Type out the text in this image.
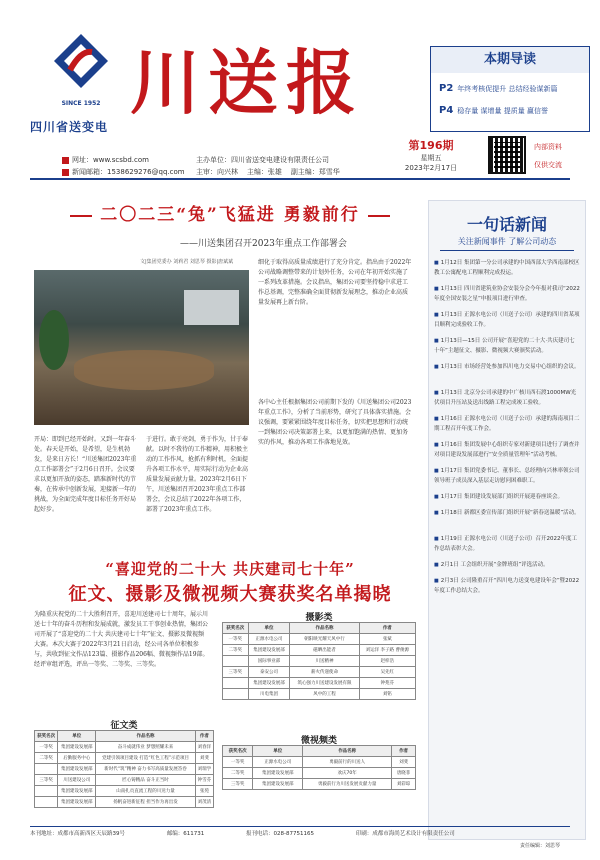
SINCE 1952
四川省送变电
川送报	本期导读
P2 年终考核促提升 总结经验谋新篇
P4 稳存量 谋增量 提质量 赢信誉
网址：www.scsbd.com
新闻邮箱：1538629276@qq.com
主办单位：四川省送变电建设有限责任公司
主审：向兴林 主编：张雄 副主编：郑雪华
第196期
星期五
2023年2月17日
内部资料
仅供交流
二〇二三“兔”飞猛进 勇毅前行
——川送集团召开2023年重点工作部署会
文|集团党委办 刘莉君 刘思琴 摄影|唐斌斌
开局：即到已经开始时。又到一年奋斗处。春天是开始，是希望，是生机勃发，是来日方长！“川送集团2023年重点工作部署会”于2月6日召开。会议要求以更加开放的姿态，踏准新时代的节奏，在传承中创新发展，迎接新一年的挑战，为全面完成年度目标任务开好局起好步。
于进行。敢于亮剑，勇于作为，甘于奉献。以时不我待的工作精神，用积极主动的工作作风，抢抓有利时机，全面提升各项工作水平，用实际行动为企业高质量发展贡献力量。2023年2月6日下午，川送集团召开2023年重点工作部署会，会议总结了2022年各项工作，部署了2023年重点工作。
细化于取得高质量成绩进行了充分肯定。指出由于2022年公司战略调整带来的计划外任务，公司在年初开始实施了一系列改革措施。会议指出，集团公司要坚持稳中求进工作总基调，完整准确全面贯彻新发展理念，推动企业高质量发展再上新台阶。
各中心主任根据集团公司前期下发的《川送集团公司2023年重点工作》，分析了当前形势，研究了具体落实措施。会议强调，要紧紧围绕年度目标任务，切实把思想和行动统一到集团公司决策部署上来，以更加饱满的热情、更加务实的作风，推动各项工作落地见效。
“喜迎党的二十大 共庆建司七十年”
征文、摄影及微视频大赛获奖名单揭晓
为隆重庆祝党的二十大胜利召开，喜迎川送建司七十周年，展示川送七十年的奋斗历程和发展成就，激发员工干事创业热情，集团公司开展了“喜迎党的二十大 共庆建司七十年”征文、摄影及微视频大赛。本次大赛于2022年3月21日启动，经公司各单位积极参与，共收到征文作品123篇、摄影作品206幅、微视频作品19部。经评审组评选，评出一等奖、二等奖、三等奖。
征文类
获奖名次	单位	作品名称	作者
一等奖	集团建设发展部	奋斗成就伟业 梦想照耀未来	刘春洋
二等奖	后勤服务中心	党建引领项目建设 打造“红色工程”示范项目	刘斐
	集团建设发展部	新时代“筑”精神 奋力书写高质量发展答卷	刘瑞学
三等奖	川送建设公司	匠心铸精品 奋斗正当时	钟雪芬
	集团建设发展部	山南扎贡直流工程的川送力量	张苑
	集团建设发展部	扬帆奋进新征程 担当作为再出发	刘茂清
摄影类
获奖名次	单位	作品名称	作者
一等奖	正源水电公司	朝阳映光耀天风中行	张斌
二等奖	集团建设发展部	磁晒出能者	刘运洋 李子路 曹俊源
	国际事业部	川送精神	赵梓浩
三等奖	泰安公司	薪火传递使命	吴先红
	集团建设发展部	筑心强力川送建设发展有限	钟苑芬
	川电集团	风中的工程	刘铭
微视频类
获奖名次	单位	作品名称	作者
一等奖	正源水电公司	勇毅前行的川送人	刘斐
二等奖	集团建设发展部	欢庆70年	唐晓菲
三等奖	集团建设发展部	勇毅前行为川送发展贡献力量	刘彩琼
一句话新闻
关注新闻事件 了解公司动态
■ 1月12日 集团第一分公司承建的中国西部大学西南部校区教工公寓配电工程顺利完成投运。
■ 1月13日 四川省建筑业协会安装分会今年报对我司“2022年度全国安装之星”申报项目进行审查。
■ 1月13日 正源水电公司（川送子公司）承建的四川省某项目顺利完成验收工作。
■ 1月13日—15日 公司开展“喜迎党的二十大·共庆建司七十年”主题征文、摄影、微视频大赛颁奖活动。
■ 1月13日 市场经营处参加四川电力交易中心组织的会议。
■ 1月13日 北京分公司承建的中广核川西石渡1000MW光伏项目升压站及送出线路工程完成竣工验收。
■ 1月16日 正源水电公司（川送子公司）承建的海南项目二期工程召开年度工作会。
■ 1月16日 集团发展中心组织专家对新建项目进行了调查并对项目建设发展部进行“安全质量管理年”活动考核。
■ 1月17日 集团党委书记、董事长、总经理向兴林率领公司领导班子成员深入基层走访慰问困难职工。
■ 1月17日 集团建设发展部门组织开展迎春座谈会。
■ 1月18日 新都区委宣传部门组织开展“新春送温暖”活动。
■ 1月19日 正源水电公司（川送子公司）召开2022年度工作总结表彰大会。
■ 2月1日 工会组织开展“金牌班组”评选活动。
■ 2月3日 公司隆重召开“四川电力送变电建设年会”暨2022年度工作总结大会。
本刊地址：成都市高新西区天辰路39号	邮编：611731	报刊电话：028-87751165	印刷：成都市海尚艺术设计有限责任公司
责任编辑：刘思琴
